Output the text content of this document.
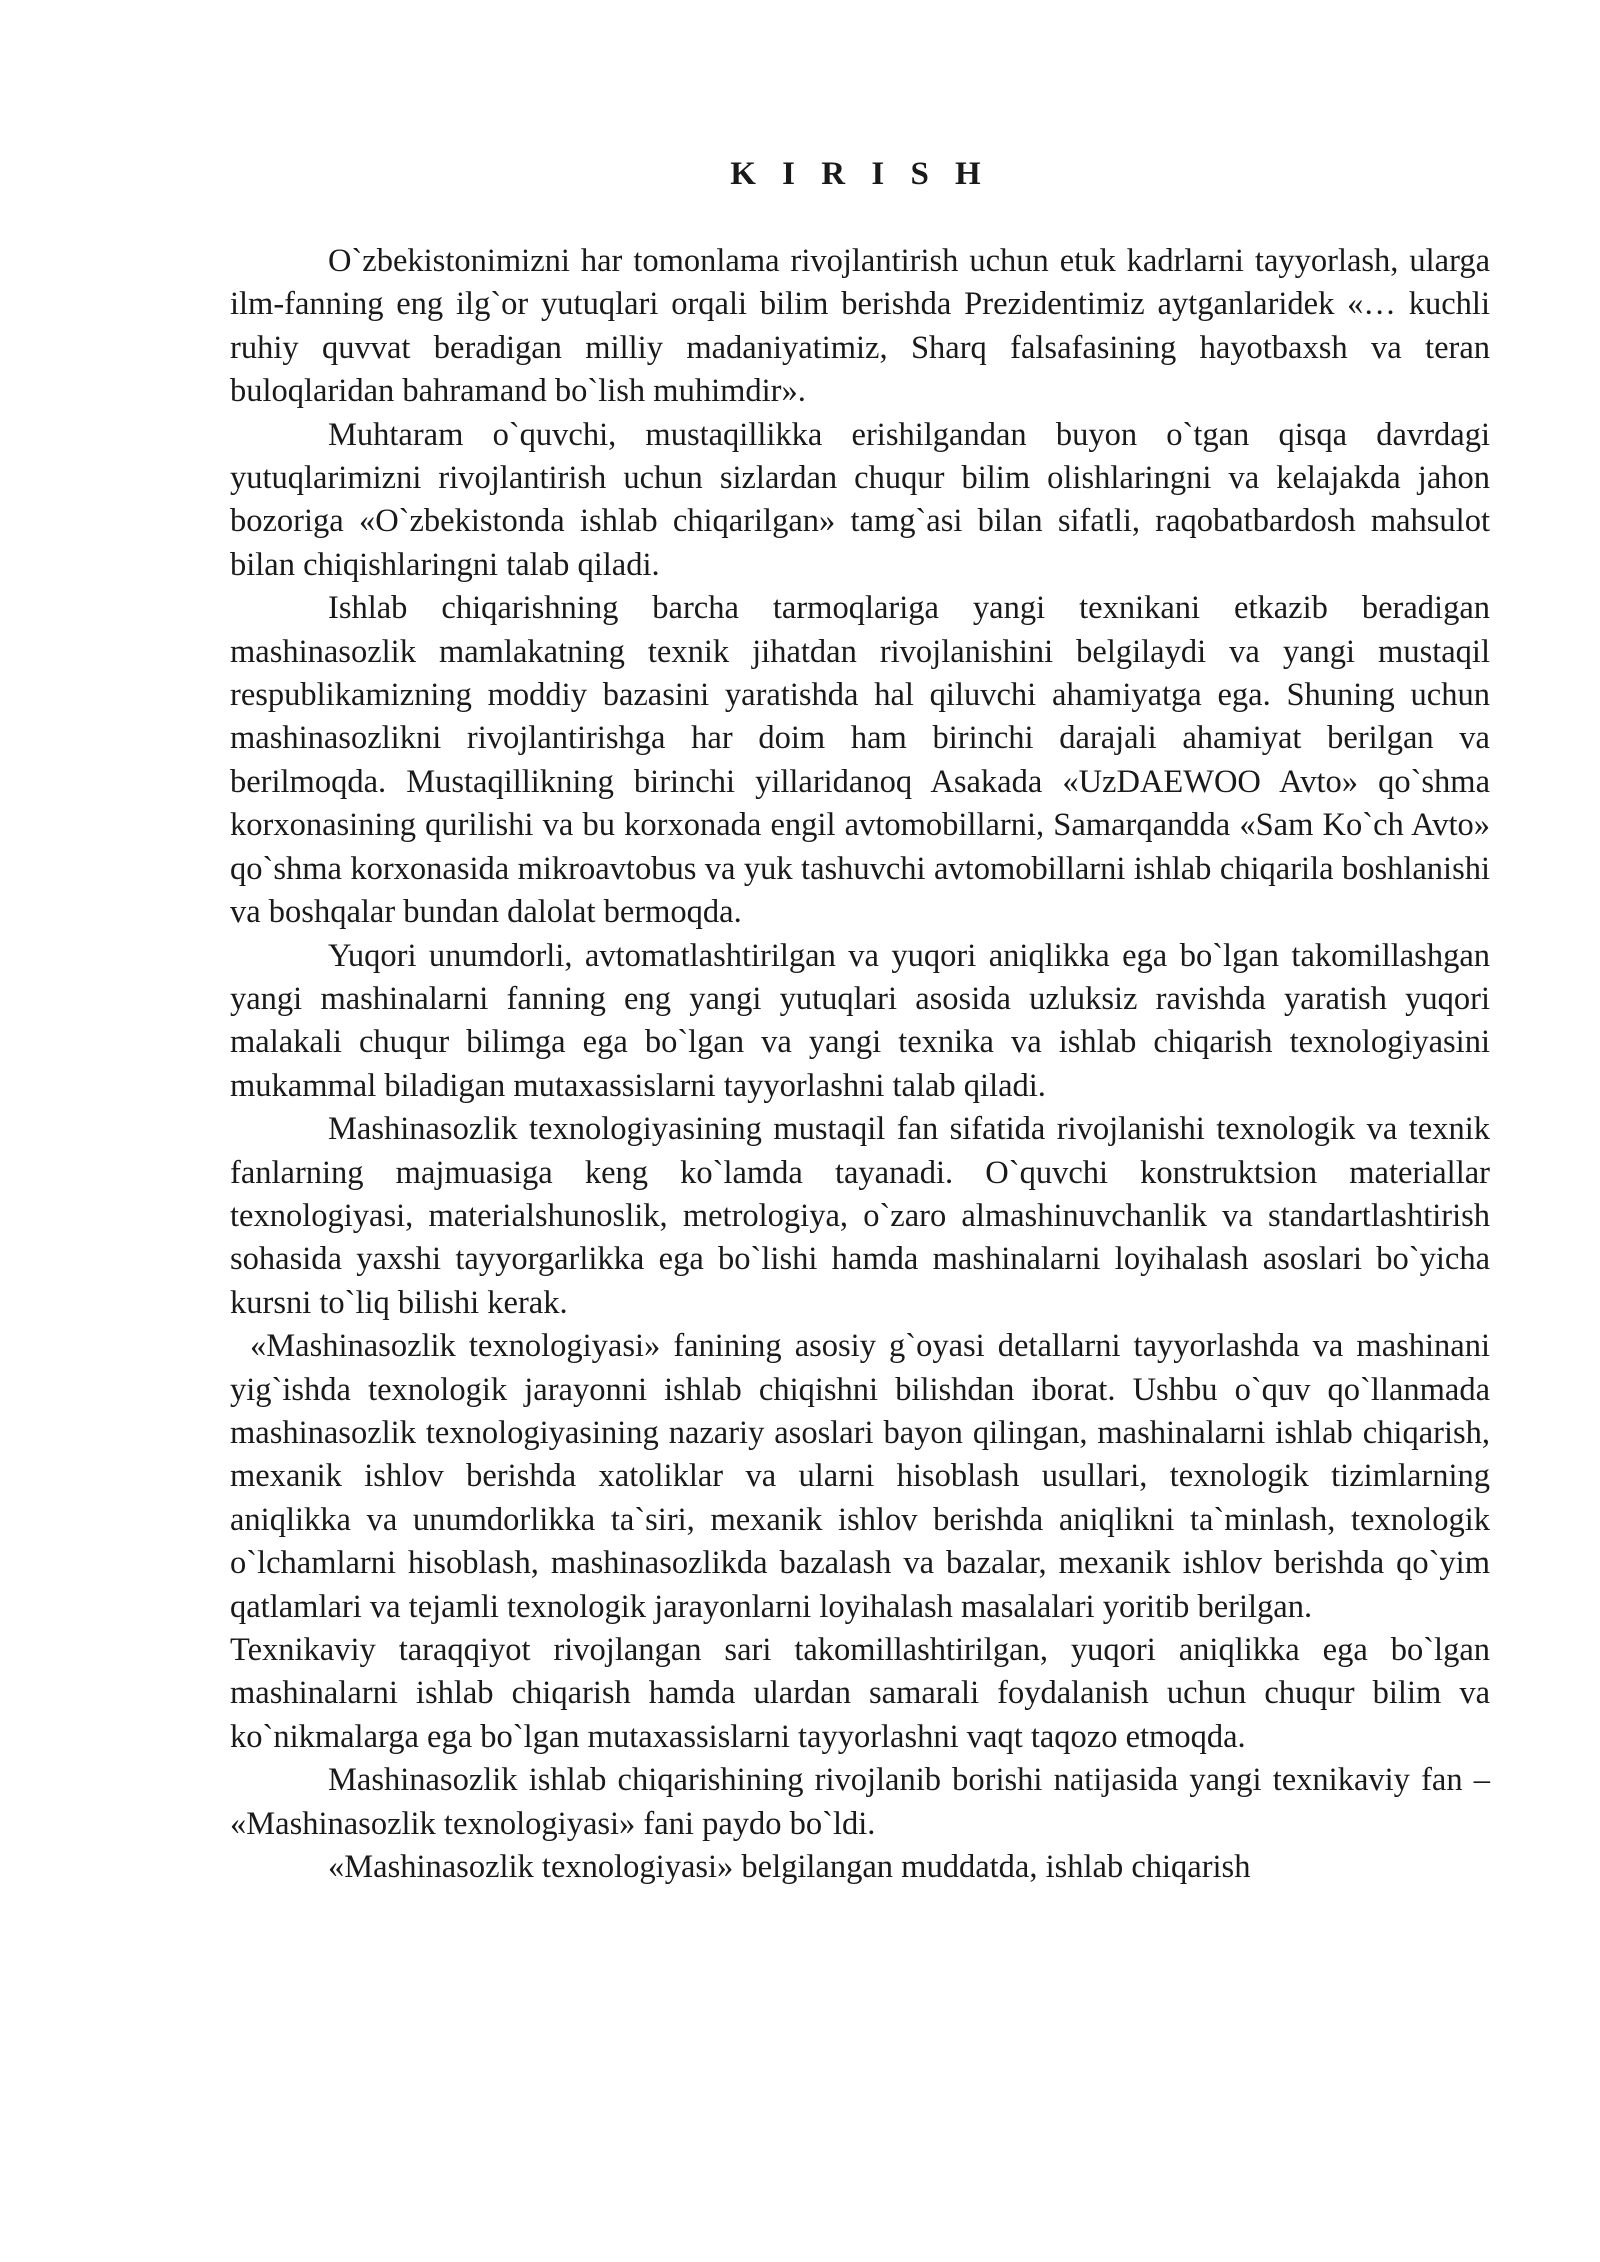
K I R I S H

O`zbekistonimizni har tomonlama rivojlantirish uchun etuk kadrlarni tayyorlash, ularga ilm-fanning eng ilg`or yutuqlari orqali bilim berishda Prezidentimiz aytganlaridek «… kuchli ruhiy quvvat beradigan milliy madaniyatimiz, Sharq falsafasining hayotbaxsh va teran buloqlaridan bahramand bo`lish muhimdir».

Muhtaram o`quvchi, mustaqillikka erishilgandan buyon o`tgan qisqa davrdagi yutuqlarimizni rivojlantirish uchun sizlardan chuqur bilim olishlaringni va kelajakda jahon bozoriga «O`zbekistonda ishlab chiqarilgan» tamg`asi bilan sifatli, raqobatbardosh mahsulot bilan chiqishlaringni talab qiladi.

Ishlab chiqarishning barcha tarmoqlariga yangi texnikani etkazib beradigan mashinasozlik mamlakatning texnik jihatdan rivojlanishini belgilaydi va yangi mustaqil respublikamizning moddiy bazasini yaratishda hal qiluvchi ahamiyatga ega. Shuning uchun mashinasozlikni rivojlantirishga har doim ham birinchi darajali ahamiyat berilgan va berilmoqda. Mustaqillikning birinchi yillaridanoq Asakada «UzDAEWOO Avto» qo`shma korxonasining qurilishi va bu korxonada engil avtomobillarni, Samarqandda «Sam Ko`ch Avto» qo`shma korxonasida mikroavtobus va yuk tashuvchi avtomobillarni ishlab chiqarila boshlanishi va boshqalar bundan dalolat bermoqda.

Yuqori unumdorli, avtomatlashtirilgan va yuqori aniqlikka ega bo`lgan takomillashgan yangi mashinalarni fanning eng yangi yutuqlari asosida uzluksiz ravishda yaratish yuqori malakali chuqur bilimga ega bo`lgan va yangi texnika va ishlab chiqarish texnologiyasini mukammal biladigan mutaxassislarni tayyorlashni talab qiladi.

Mashinasozlik texnologiyasining mustaqil fan sifatida rivojlanishi texnologik va texnik fanlarning majmuasiga keng ko`lamda tayanadi. O`quvchi konstruktsion materiallar texnologiyasi, materialshunoslik, metrologiya, o`zaro almashinuvchanlik va standartlashtirish sohasida yaxshi tayyorgarlikka ega bo`lishi hamda mashinalarni loyihalash asoslari bo`yicha kursni to`liq bilishi kerak.

«Mashinasozlik texnologiyasi» fanining asosiy g`oyasi detallarni tayyorlashda va mashinani yig`ishda texnologik jarayonni ishlab chiqishni bilishdan iborat. Ushbu o`quv qo`llanmada mashinasozlik texnologiyasining nazariy asoslari bayon qilingan, mashinalarni ishlab chiqarish, mexanik ishlov berishda xatoliklar va ularni hisoblash usullari, texnologik tizimlarning aniqlikka va unumdorlikka ta`siri, mexanik ishlov berishda aniqlikni ta`minlash, texnologik o`lchamlarni hisoblash, mashinasozlikda bazalash va bazalar, mexanik ishlov berishda qo`yim qatlamlari va tejamli texnologik jarayonlarni loyihalash masalalari yoritib berilgan.

Texnikaviy taraqqiyot rivojlangan sari takomillashtirilgan, yuqori aniqlikka ega bo`lgan mashinalarni ishlab chiqarish hamda ulardan samarali foydalanish uchun chuqur bilim va ko`nikmalarga ega bo`lgan mutaxassislarni tayyorlashni vaqt taqozo etmoqda.

Mashinasozlik ishlab chiqarishining rivojlanib borishi natijasida yangi texnikaviy fan – «Mashinasozlik texnologiyasi» fani paydo bo`ldi.

«Mashinasozlik texnologiyasi» belgilangan muddatda, ishlab chiqarish
